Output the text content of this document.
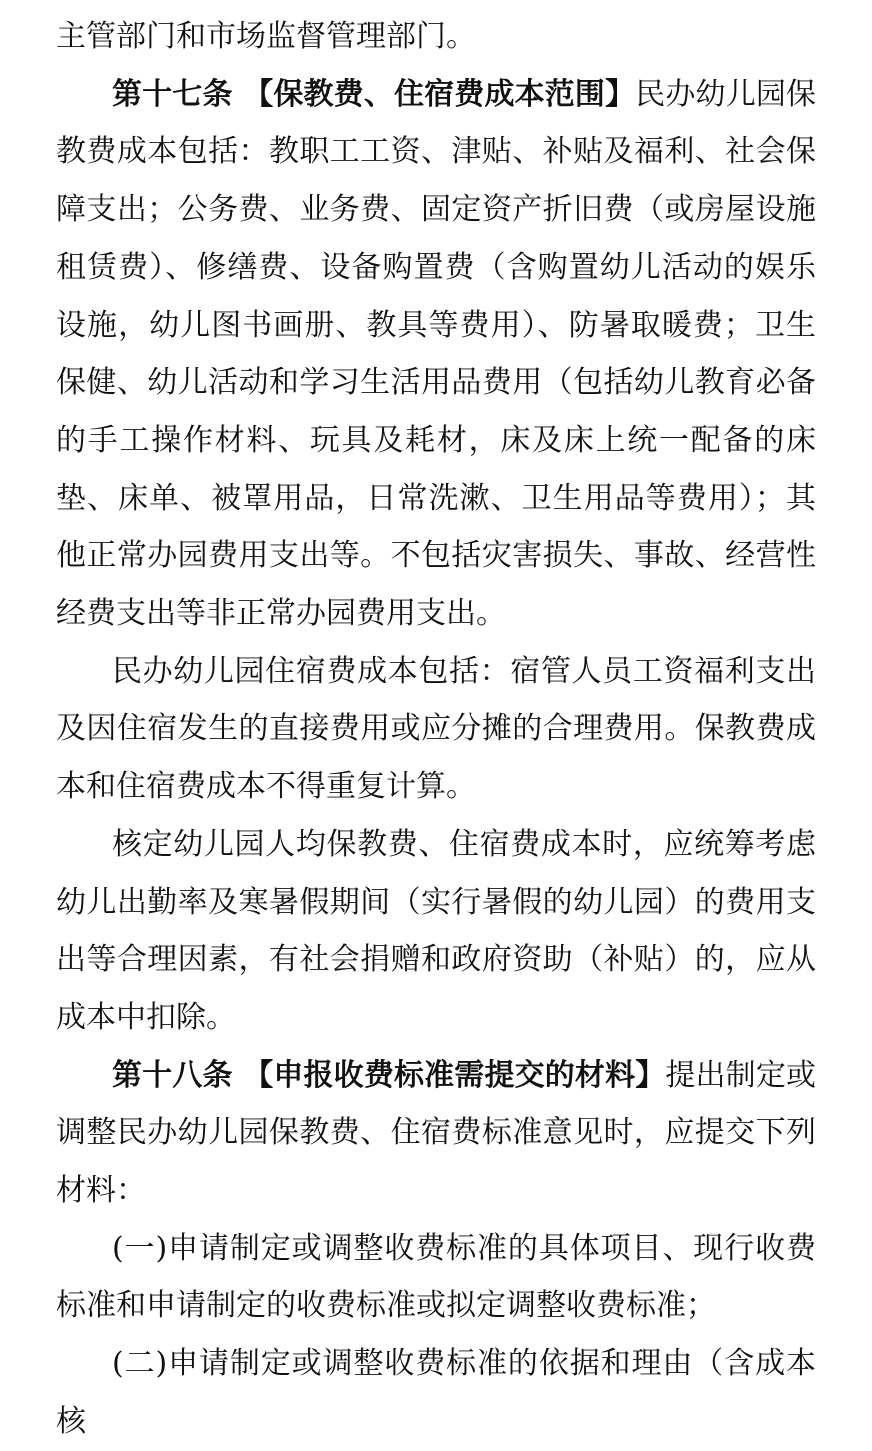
主管部门和市场监督管理部门。

第十七条 【保教费、住宿费成本范围】民办幼儿园保教费成本包括：教职工工资、津贴、补贴及福利、社会保障支出；公务费、业务费、固定资产折旧费（或房屋设施租赁费）、修缮费、设备购置费（含购置幼儿活动的娱乐设施，幼儿图书画册、教具等费用）、防暑取暖费；卫生保健、幼儿活动和学习生活用品费用（包括幼儿教育必备的手工操作材料、玩具及耗材，床及床上统一配备的床垫、床单、被罩用品，日常洗漱、卫生用品等费用）；其他正常办园费用支出等。不包括灾害损失、事故、经营性经费支出等非正常办园费用支出。

民办幼儿园住宿费成本包括：宿管人员工资福利支出及因住宿发生的直接费用或应分摊的合理费用。保教费成本和住宿费成本不得重复计算。

核定幼儿园人均保教费、住宿费成本时，应统筹考虑幼儿出勤率及寒暑假期间（实行暑假的幼儿园）的费用支出等合理因素，有社会捐赠和政府资助（补贴）的，应从成本中扣除。

第十八条 【申报收费标准需提交的材料】提出制定或调整民办幼儿园保教费、住宿费标准意见时，应提交下列材料：

(一)申请制定或调整收费标准的具体项目、现行收费标准和申请制定的收费标准或拟定调整收费标准；

(二)申请制定或调整收费标准的依据和理由（含成本核
